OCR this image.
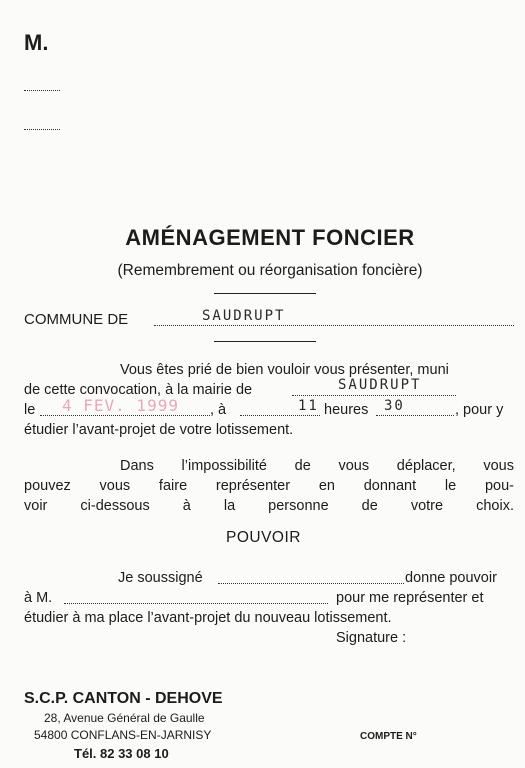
M.
AMÉNAGEMENT FONCIER
(Remembrement ou réorganisation foncière)
COMMUNE DE	SAUDRUPT
Vous êtes prié de bien vouloir vous présenter, muni
de cette convocation, à la mairie de	SAUDRUPT
le 4 FEV. 1999 , à	11 heures 30	, pour y
étudier l’avant-projet de votre lotissement.
Dans l’impossibilité de vous déplacer, vous
pouvez vous faire représenter en donnant le pou-
voir ci-dessous à la personne de votre choix.
POUVOIR
Je soussigné	donne pouvoir
à M.	pour me représenter et
étudier à ma place l’avant-projet du nouveau lotissement.
Signature :
S.C.P. CANTON - DEHOVE
28, Avenue Général de Gaulle
54800 CONFLANS-EN-JARNISY
Tél. 82 33 08 10
COMPTE N°
